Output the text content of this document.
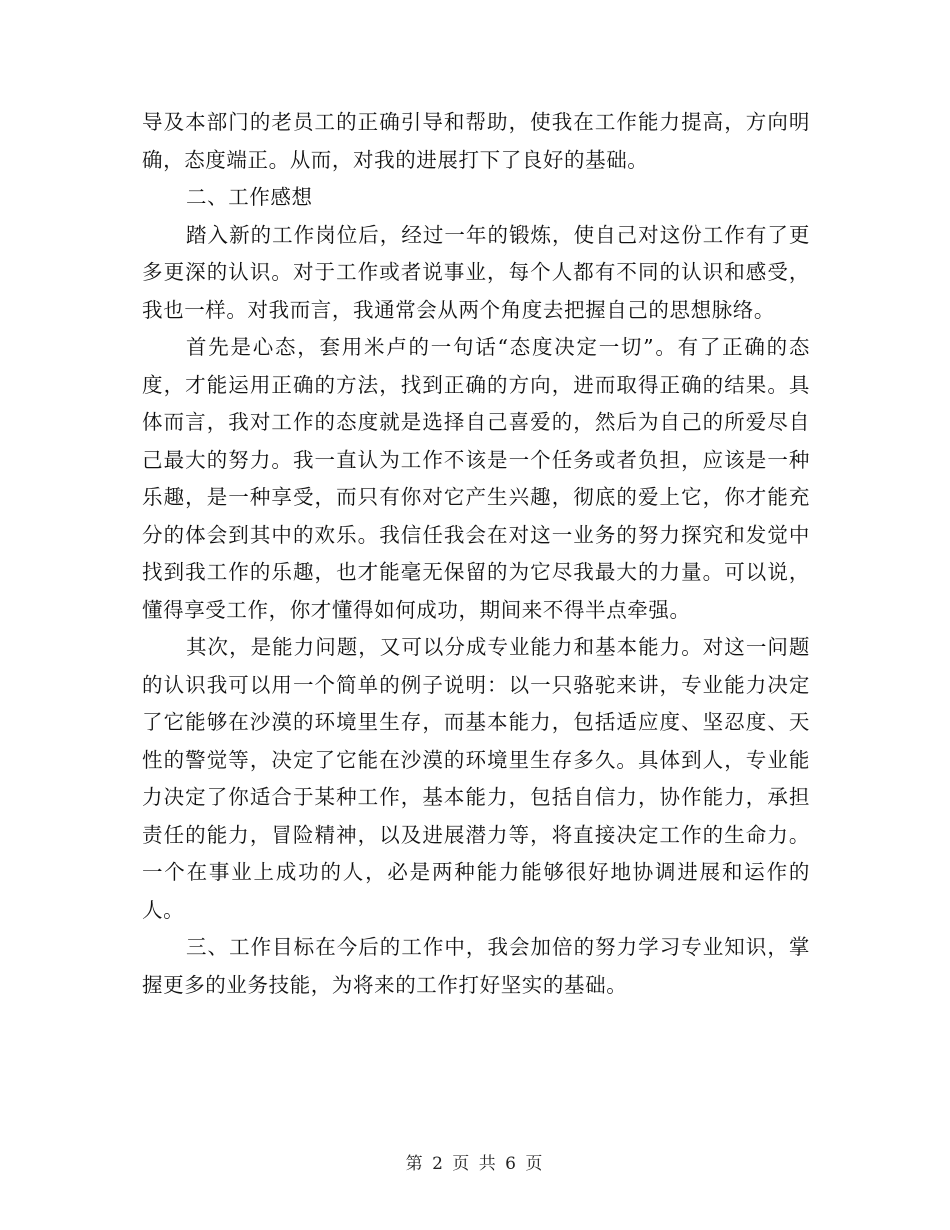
导及本部门的老员工的正确引导和帮助，使我在工作能力提高，方向明确，态度端正。从而，对我的进展打下了良好的基础。

二、工作感想

踏入新的工作岗位后，经过一年的锻炼，使自己对这份工作有了更多更深的认识。对于工作或者说事业，每个人都有不同的认识和感受，我也一样。对我而言，我通常会从两个角度去把握自己的思想脉络。

首先是心态，套用米卢的一句话“态度决定一切”。有了正确的态度，才能运用正确的方法，找到正确的方向，进而取得正确的结果。具体而言，我对工作的态度就是选择自己喜爱的，然后为自己的所爱尽自己最大的努力。我一直认为工作不该是一个任务或者负担，应该是一种乐趣，是一种享受，而只有你对它产生兴趣，彻底的爱上它，你才能充分的体会到其中的欢乐。我信任我会在对这一业务的努力探究和发觉中找到我工作的乐趣，也才能毫无保留的为它尽我最大的力量。可以说，懂得享受工作，你才懂得如何成功，期间来不得半点牵强。

其次，是能力问题，又可以分成专业能力和基本能力。对这一问题的认识我可以用一个简单的例子说明：以一只骆驼来讲，专业能力决定了它能够在沙漠的环境里生存，而基本能力，包括适应度、坚忍度、天性的警觉等，决定了它能在沙漠的环境里生存多久。具体到人，专业能力决定了你适合于某种工作，基本能力，包括自信力，协作能力，承担责任的能力，冒险精神，以及进展潜力等，将直接决定工作的生命力。一个在事业上成功的人，必是两种能力能够很好地协调进展和运作的人。

三、工作目标在今后的工作中，我会加倍的努力学习专业知识，掌握更多的业务技能，为将来的工作打好坚实的基础。

第 2 页 共 6 页
